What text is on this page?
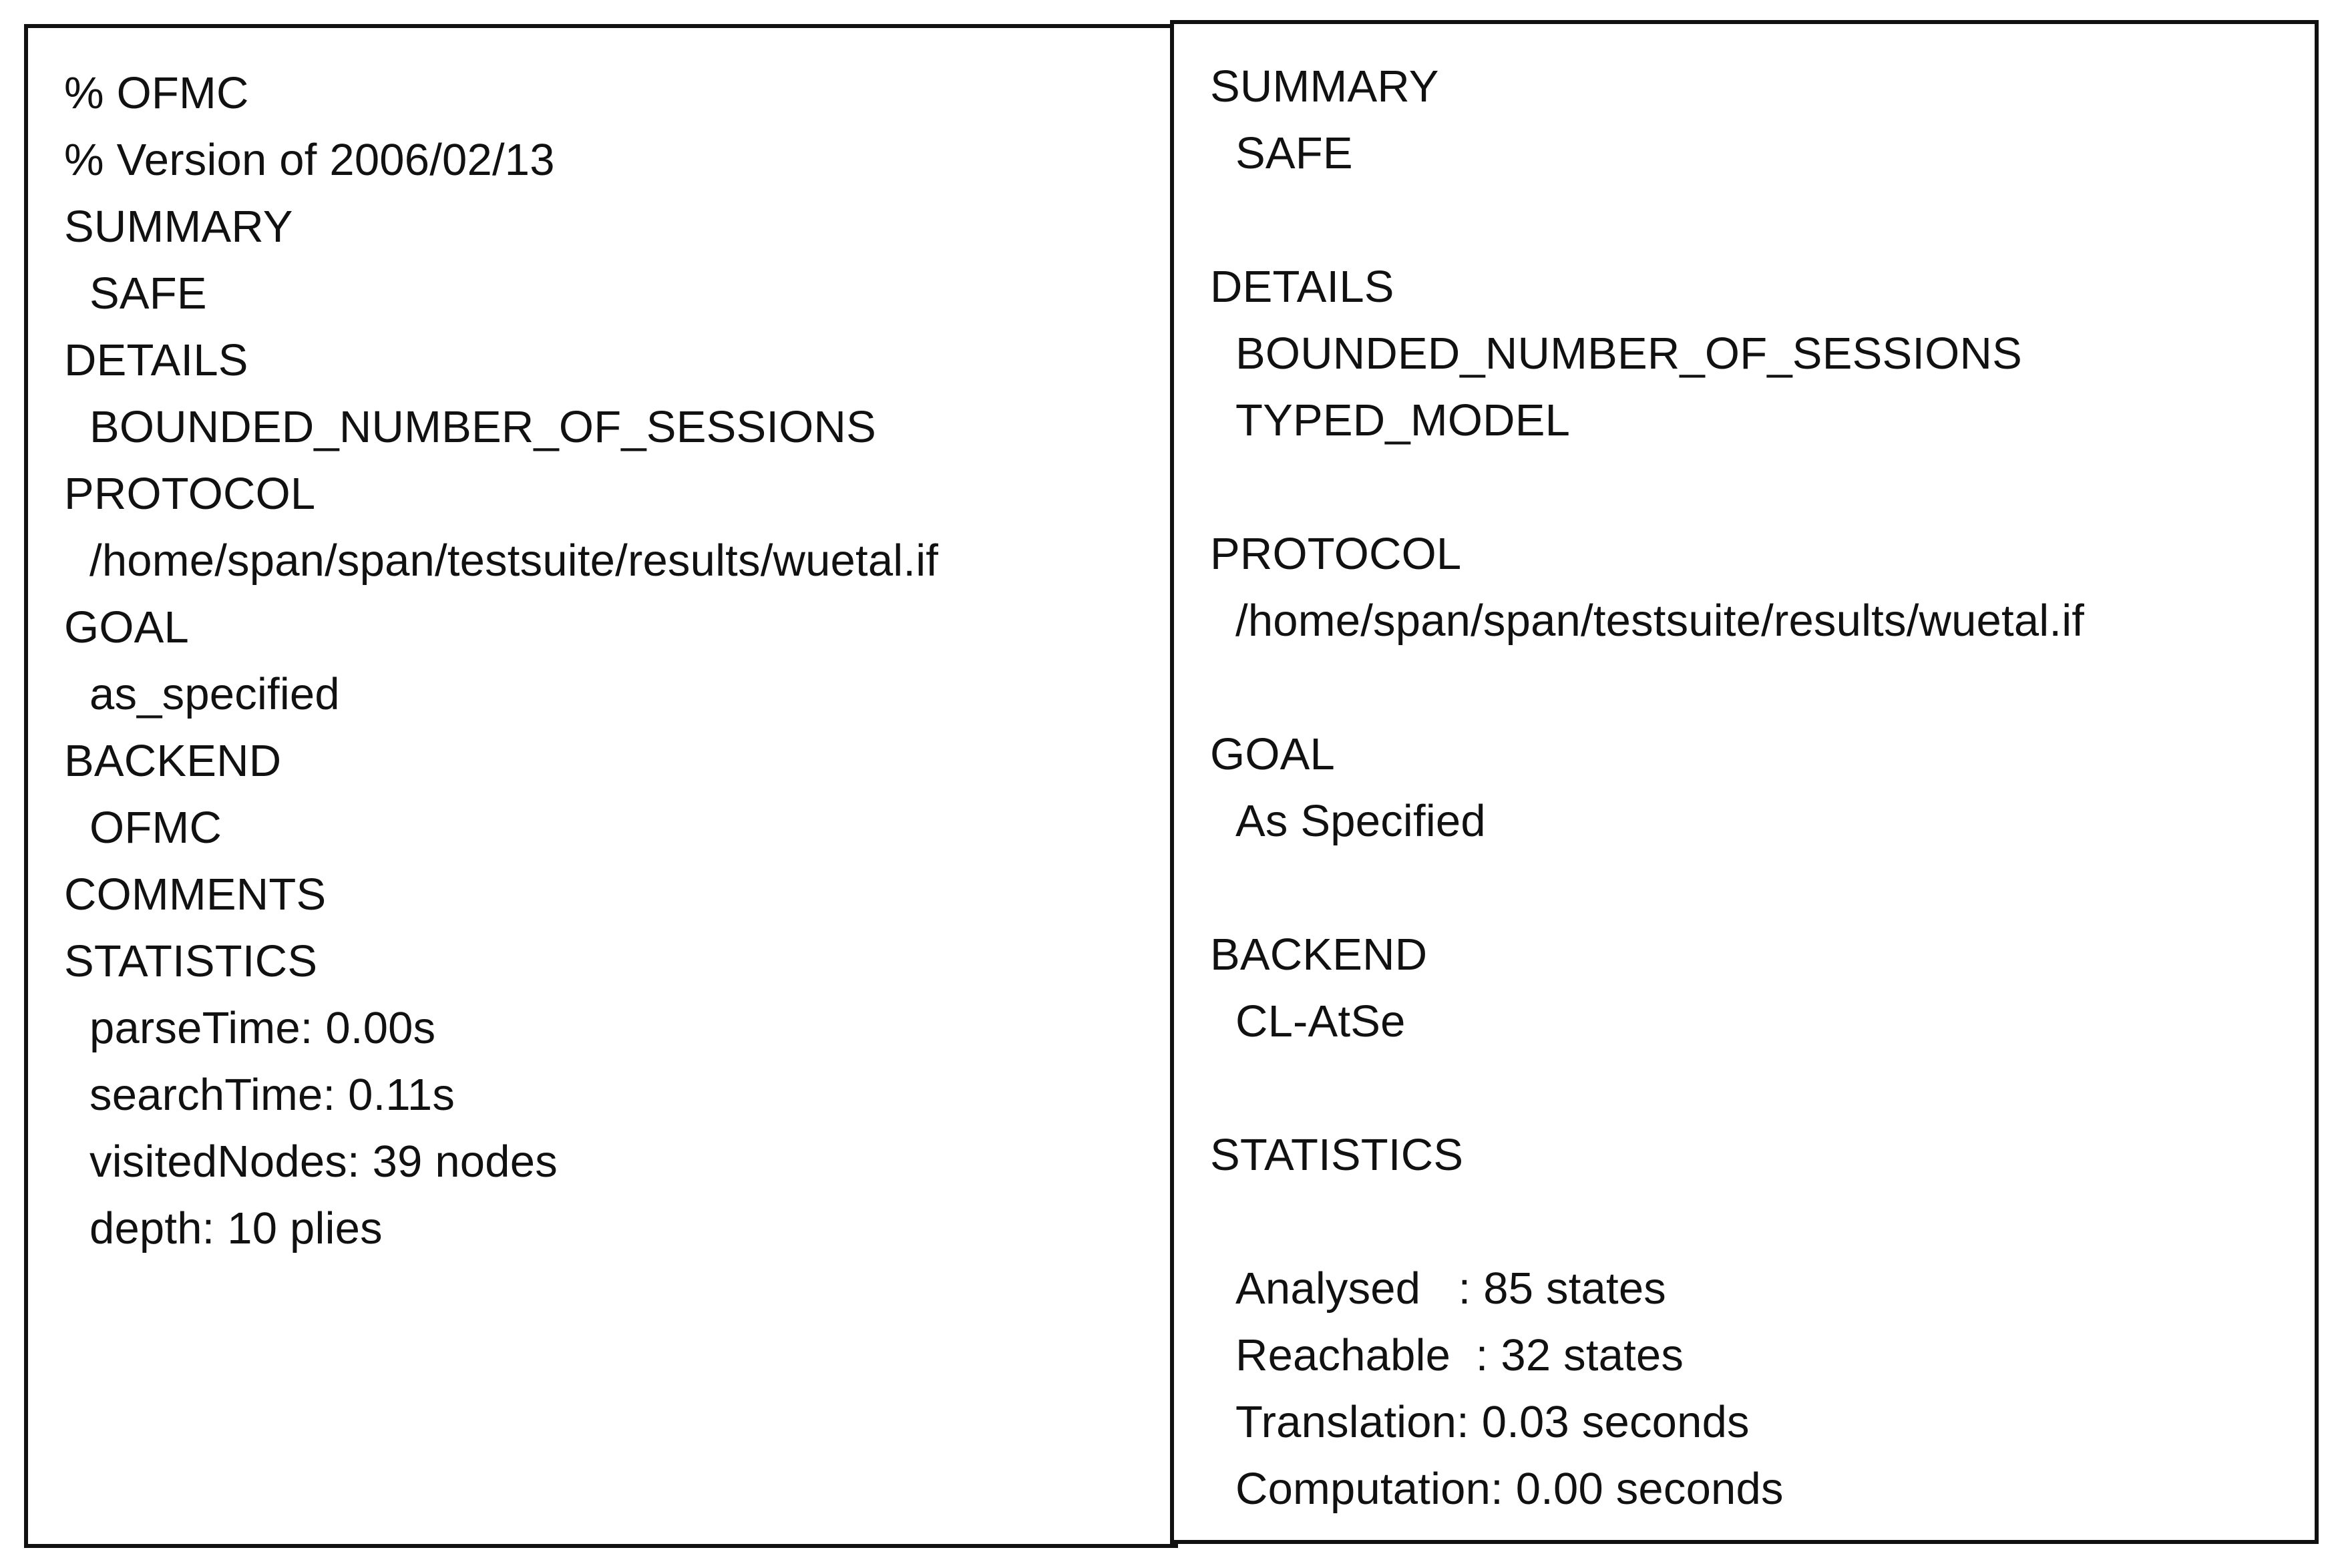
% OFMC
% Version of 2006/02/13
SUMMARY
SAFE
DETAILS
BOUNDED_NUMBER_OF_SESSIONS
PROTOCOL
/home/span/span/testsuite/results/wuetal.if
GOAL
as_specified
BACKEND
OFMC
COMMENTS
STATISTICS
parseTime: 0.00s
searchTime: 0.11s
visitedNodes: 39 nodes
depth: 10 plies
SUMMARY
SAFE
DETAILS
BOUNDED_NUMBER_OF_SESSIONS
TYPED_MODEL
PROTOCOL
/home/span/span/testsuite/results/wuetal.if
GOAL
As Specified
BACKEND
CL-AtSe
STATISTICS
Analysed   : 85 states
Reachable  : 32 states
Translation: 0.03 seconds
Computation: 0.00 seconds
